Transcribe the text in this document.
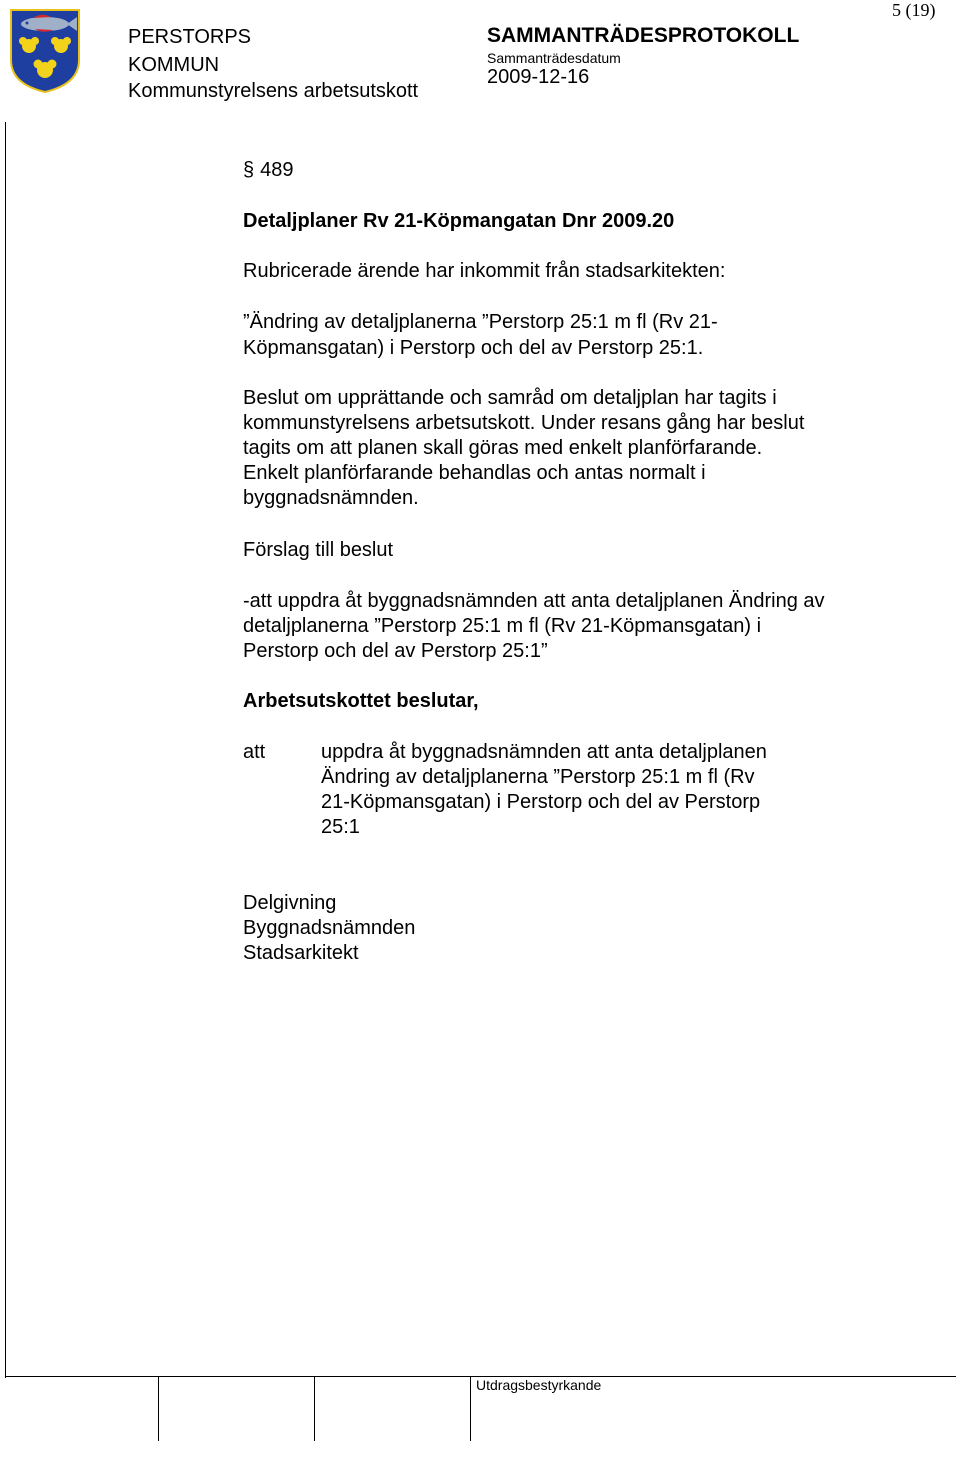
5 (19)
PERSTORPS
KOMMUN
Kommunstyrelsens arbetsutskott
SAMMANTRÄDESPROTOKOLL
Sammanträdesdatum
2009-12-16
§ 489
Detaljplaner Rv 21-Köpmangatan Dnr 2009.20
Rubricerade ärende har inkommit från stadsarkitekten:
”Ändring av detaljplanerna ”Perstorp 25:1 m fl (Rv 21-
Köpmansgatan) i Perstorp och del av Perstorp 25:1.
Beslut om upprättande och samråd om detaljplan har tagits i
kommunstyrelsens arbetsutskott. Under resans gång har beslut
tagits om att planen skall göras med enkelt planförfarande.
Enkelt planförfarande behandlas och antas normalt i
byggnadsnämnden.
Förslag till beslut
-att uppdra åt byggnadsnämnden att anta detaljplanen Ändring av
detaljplanerna ”Perstorp 25:1 m fl (Rv 21-Köpmansgatan) i
Perstorp och del av Perstorp 25:1”
Arbetsutskottet beslutar,
att	uppdra åt byggnadsnämnden att anta detaljplanen
Ändring av detaljplanerna ”Perstorp 25:1 m fl (Rv
21-Köpmansgatan) i Perstorp och del av Perstorp
25:1
Delgivning
Byggnadsnämnden
Stadsarkitekt
Utdragsbestyrkande
